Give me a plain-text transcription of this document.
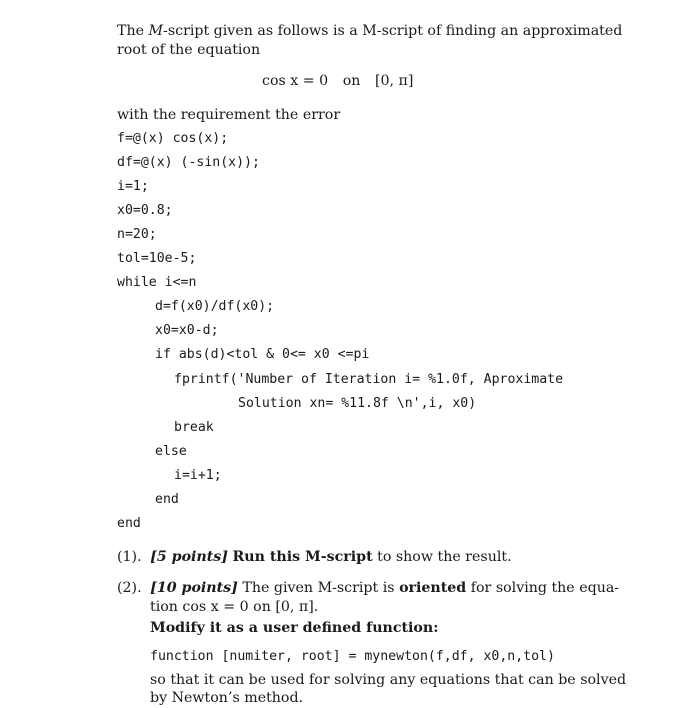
The M-script given as follows is a M-script of finding an approximated
root of the equation
cos x = 0 on [0, π]
with the requirement the error
f=@(x) cos(x);
df=@(x) (-sin(x));
i=1;
x0=0.8;
n=20;
tol=10e-5;
while i<=n
d=f(x0)/df(x0);
x0=x0-d;
if abs(d)<tol & 0<= x0 <=pi
fprintf('Number of Iteration i= %1.0f, Aproximate
Solution xn= %11.8f \n',i, x0)
break
else
i=i+1;
end
end
(1). [5 points] Run this M-script to show the result.
(2). [10 points] The given M-script is oriented for solving the equa-
tion cos x = 0 on [0, π].
Modify it as a user defined function:
function [numiter, root] = mynewton(f,df, x0,n,tol)
so that it can be used for solving any equations that can be solved
by Newton’s method.
